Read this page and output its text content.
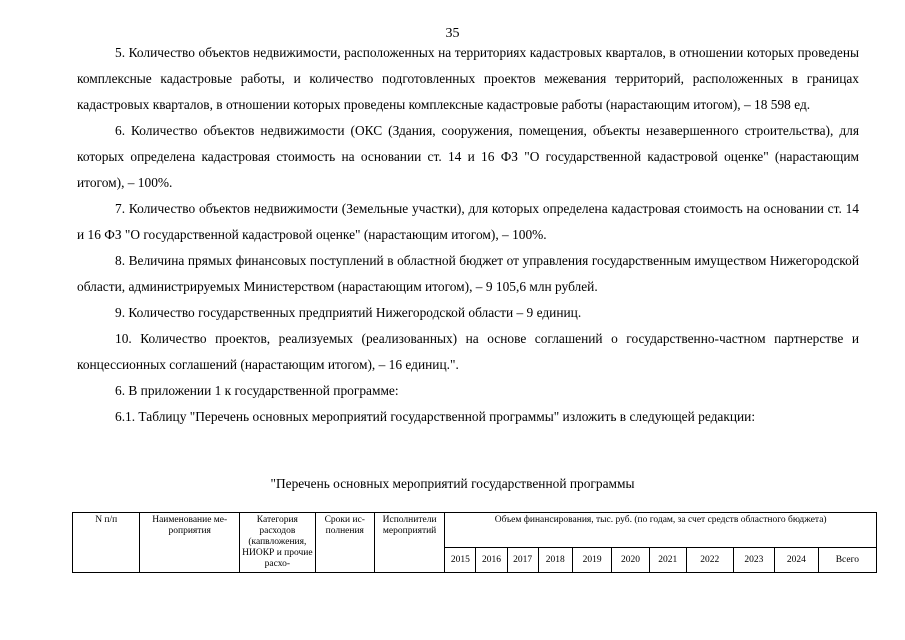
35

5. Количество объектов недвижимости, расположенных на территориях кадастровых кварталов, в отношении которых проведены комплексные кадастровые работы, и количество подготовленных проектов межевания территорий, расположенных в границах кадастровых кварталов, в отношении которых проведены комплексные кадастровые работы (нарастающим итогом), – 18 598 ед.

6. Количество объектов недвижимости (ОКС (Здания, сооружения, помещения, объекты незавершенного строительства), для которых определена кадастровая стоимость на основании ст. 14 и 16 ФЗ "О государственной кадастровой оценке" (нарастающим итогом), – 100%.

7. Количество объектов недвижимости (Земельные участки), для которых определена кадастровая стоимость на основании ст. 14 и 16 ФЗ "О государственной кадастровой оценке" (нарастающим итогом), – 100%.

8. Величина прямых финансовых поступлений в областной бюджет от управления государственным имуществом Нижегородской области, администрируемых Министерством (нарастающим итогом), – 9 105,6 млн рублей.

9. Количество государственных предприятий Нижегородской области – 9 единиц.

10. Количество проектов, реализуемых (реализованных) на основе соглашений о государственно-частном партнерстве и концессионных соглашений (нарастающим итогом), – 16 единиц.".

6. В приложении 1 к государственной программе:

6.1. Таблицу "Перечень основных мероприятий государственной программы" изложить в следующей редакции:

"Перечень основных мероприятий государственной программы
N п/п	Наименование ме-роприятия	Категория расходов (капвложения, НИОКР и прочие расхо-	Сроки ис-полнения	Исполнители мероприятий	Объем финансирования, тыс. руб. (по годам, за счет средств областного бюджета)										
					2015	2016	2017	2018	2019	2020	2021	2022	2023	2024	Всего
